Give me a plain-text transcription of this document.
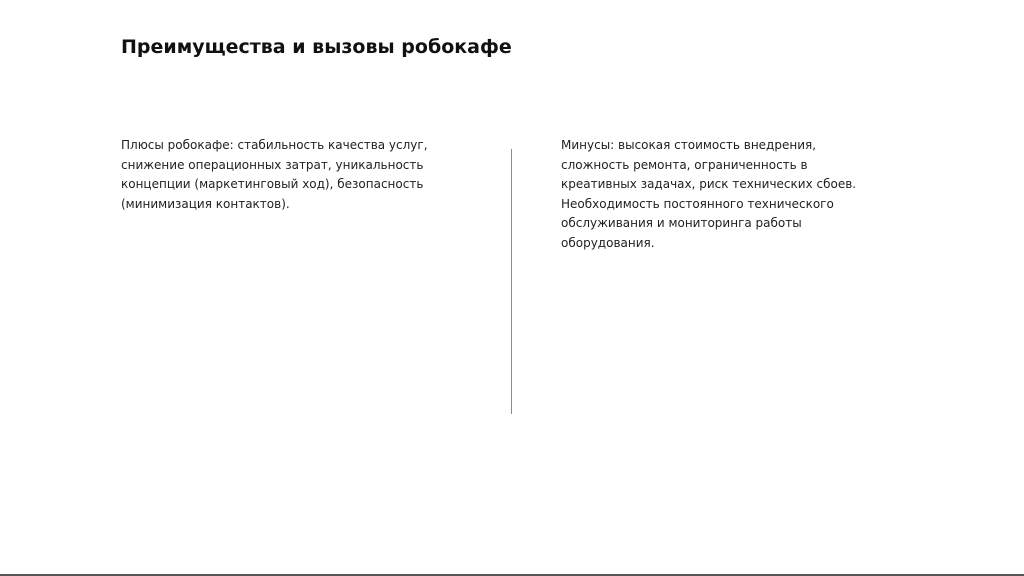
Преимущества и вызовы робокафе

Плюсы робокафе: стабильность качества услуг,
снижение операционных затрат, уникальность
концепции (маркетинговый ход), безопасность
(минимизация контактов).

Минусы: высокая стоимость внедрения,
сложность ремонта, ограниченность в
креативных задачах, риск технических сбоев.
Необходимость постоянного технического
обслуживания и мониторинга работы
оборудования.
